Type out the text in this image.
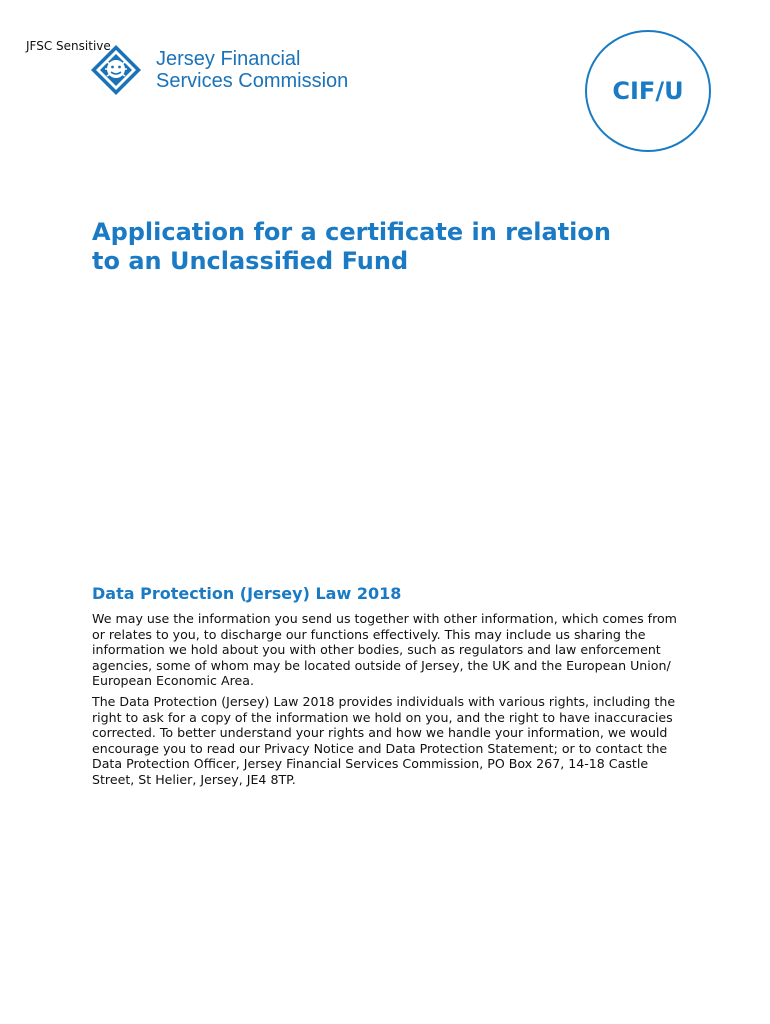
JFSC Sensitive
Jersey Financial
Services Commission	CIF/U
Application for a certificate in relation
to an Unclassified Fund
Data Protection (Jersey) Law 2018

We may use the information you send us together with other information, which comes from or relates to you, to discharge our functions effectively. This may include us sharing the information we hold about you with other bodies, such as regulators and law enforcement agencies, some of whom may be located outside of Jersey, the UK and the European Union/ European Economic Area.

The Data Protection (Jersey) Law 2018 provides individuals with various rights, including the right to ask for a copy of the information we hold on you, and the right to have inaccuracies corrected. To better understand your rights and how we handle your information, we would encourage you to read our Privacy Notice and Data Protection Statement; or to contact the Data Protection Officer, Jersey Financial Services Commission, PO Box 267, 14-18 Castle Street, St Helier, Jersey, JE4 8TP.
